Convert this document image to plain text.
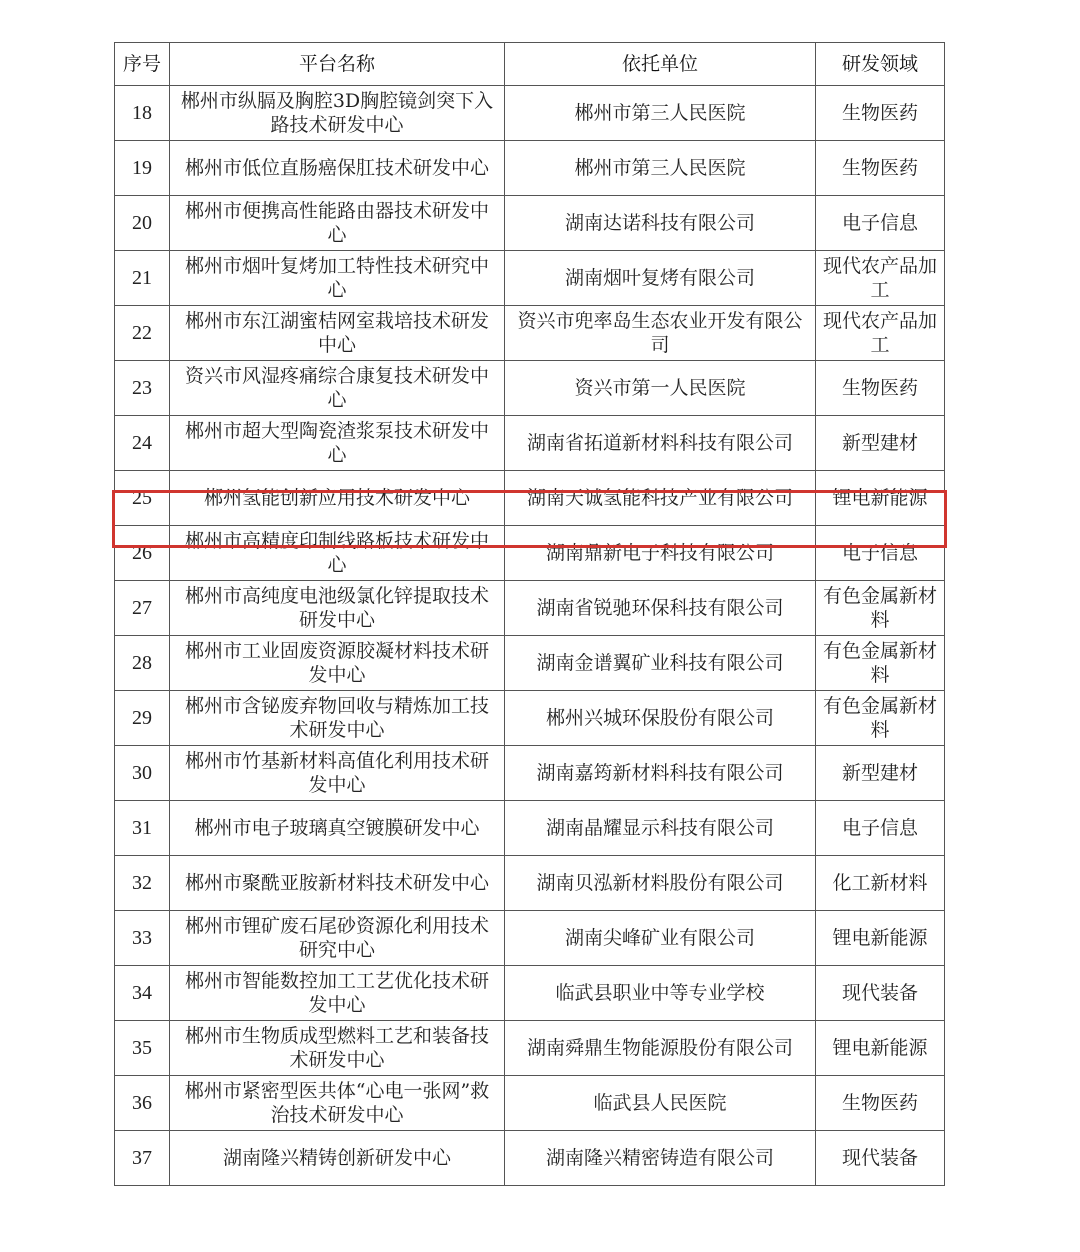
序号	平台名称	依托单位	研发领域
18	郴州市纵膈及胸腔3D胸腔镜剑突下入路技术研发中心	郴州市第三人民医院	生物医药
19	郴州市低位直肠癌保肛技术研发中心	郴州市第三人民医院	生物医药
20	郴州市便携高性能路由器技术研发中心	湖南达诺科技有限公司	电子信息
21	郴州市烟叶复烤加工特性技术研究中心	湖南烟叶复烤有限公司	现代农产品加工
22	郴州市东江湖蜜桔网室栽培技术研发中心	资兴市兜率岛生态农业开发有限公司	现代农产品加工
23	资兴市风湿疼痛综合康复技术研发中心	资兴市第一人民医院	生物医药
24	郴州市超大型陶瓷渣浆泵技术研发中心	湖南省拓道新材料科技有限公司	新型建材
25	郴州氢能创新应用技术研发中心	湖南天诚氢能科技产业有限公司	锂电新能源
26	郴州市高精度印制线路板技术研发中心	湖南鼎新电子科技有限公司	电子信息
27	郴州市高纯度电池级氯化锌提取技术研发中心	湖南省锐驰环保科技有限公司	有色金属新材料
28	郴州市工业固废资源胶凝材料技术研发中心	湖南金谱翼矿业科技有限公司	有色金属新材料
29	郴州市含铋废弃物回收与精炼加工技术研发中心	郴州兴城环保股份有限公司	有色金属新材料
30	郴州市竹基新材料高值化利用技术研发中心	湖南嘉筠新材料科技有限公司	新型建材
31	郴州市电子玻璃真空镀膜研发中心	湖南晶耀显示科技有限公司	电子信息
32	郴州市聚酰亚胺新材料技术研发中心	湖南贝泓新材料股份有限公司	化工新材料
33	郴州市锂矿废石尾砂资源化利用技术研究中心	湖南尖峰矿业有限公司	锂电新能源
34	郴州市智能数控加工工艺优化技术研发中心	临武县职业中等专业学校	现代装备
35	郴州市生物质成型燃料工艺和装备技术研发中心	湖南舜鼎生物能源股份有限公司	锂电新能源
36	郴州市紧密型医共体“心电一张网”救治技术研发中心	临武县人民医院	生物医药
37	湖南隆兴精铸创新研发中心	湖南隆兴精密铸造有限公司	现代装备
